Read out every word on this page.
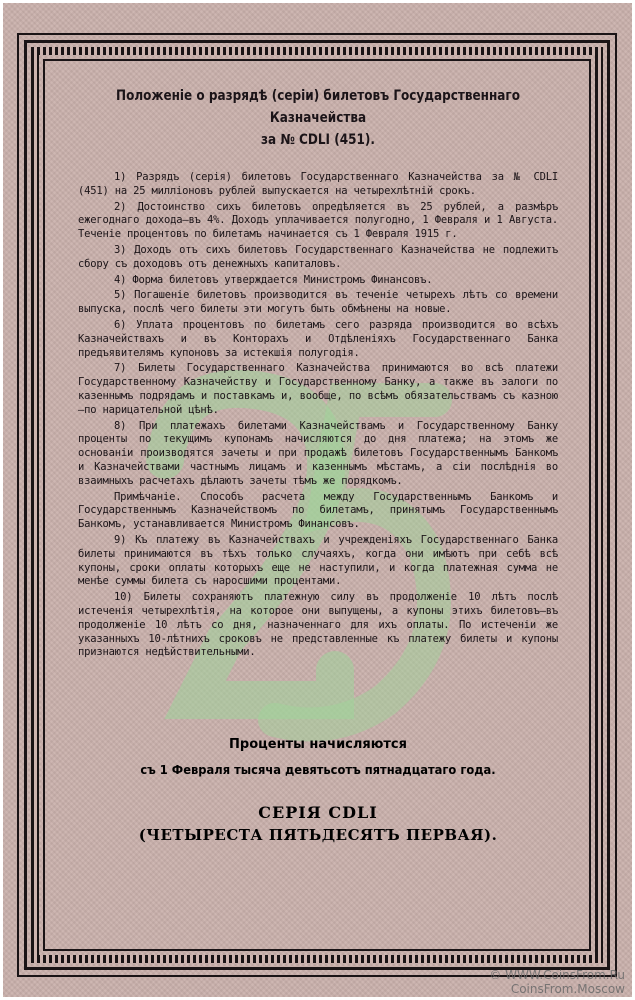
Положенiе о разрядѣ (серiи) билетовъ Государственнаго Казначейства

за № CDLI (451).

1) Разрядъ (серiя) билетовъ Государственнаго Казначейства за № CDLI (451) на 25 миллiоновъ рублей выпускается на четырехлѣтнiй срокъ.

2) Достоинство сихъ билетовъ опредѣляется въ 25 рублей, а размѣръ ежегоднаго дохода—въ 4%. Доходъ уплачивается полугодно, 1 Февраля и 1 Августа. Теченiе процентовъ по билетамъ начинается съ 1 Февраля 1915 г.

3) Доходъ отъ сихъ билетовъ Государственнаго Казначейства не подлежитъ сбору съ доходовъ отъ денежныхъ капиталовъ.

4) Форма билетовъ утверждается Министромъ Финансовъ.

5) Погашенiе билетовъ производится въ теченiе четырехъ лѣтъ со времени выпуска, послѣ чего билеты эти могутъ быть обмѣнены на новые.

6) Уплата процентовъ по билетамъ сего разряда производится во всѣхъ Казначействахъ и въ Конторахъ и Отдѣленiяхъ Государственнаго Банка предъявителямъ купоновъ за истекшiя полугодiя.

7) Билеты Государственнаго Казначейства принимаются во всѣ платежи Государственному Казначейству и Государственному Банку, а также въ залоги по казеннымъ подрядамъ и поставкамъ и, вообще, по всѣмъ обязательствамъ съ казною—по нарицательной цѣнѣ.

8) При платежахъ билетами Казначействамъ и Государственному Банку проценты по текущимъ купонамъ начисляются до дня платежа; на этомъ же основанiи производятся зачеты и при продажѣ билетовъ Государственнымъ Банкомъ и Казначействами частнымъ лицамъ и казеннымъ мѣстамъ, а сiи послѣднiя во взаимныхъ расчетахъ дѣлаютъ зачеты тѣмъ же порядкомъ.

Примѣчанiе. Способъ расчета между Государственнымъ Банкомъ и Государственнымъ Казначействомъ по билетамъ, принятымъ Государственнымъ Банкомъ, устанавливается Министромъ Финансовъ.

9) Къ платежу въ Казначействахъ и учрежденiяхъ Государственнаго Банка билеты принимаются въ тѣхъ только случаяхъ, когда они имѣютъ при себѣ всѣ купоны, сроки оплаты которыхъ еще не наступили, и когда платежная сумма не менѣе суммы билета съ наросшими процентами.

10) Билеты сохраняютъ платежную силу въ продолженiе 10 лѣтъ послѣ истеченiя четырехлѣтiя, на которое они выпущены, а купоны этихъ билетовъ—въ продолженiе 10 лѣтъ со дня, назначеннаго для ихъ оплаты. По истеченiи же указанныхъ 10-лѣтнихъ сроковъ не представленные къ платежу билеты и купоны признаются недѣйствительными.

Проценты начисляются
съ 1 Февраля тысяча девятьсотъ пятнадцатаго года.
СЕРIЯ CDLI
(ЧЕТЫРЕСТА ПЯТЬДЕСЯТЪ ПЕРВАЯ).
© WWW.CoinsFrom.Ru
CoinsFrom.Moscow
